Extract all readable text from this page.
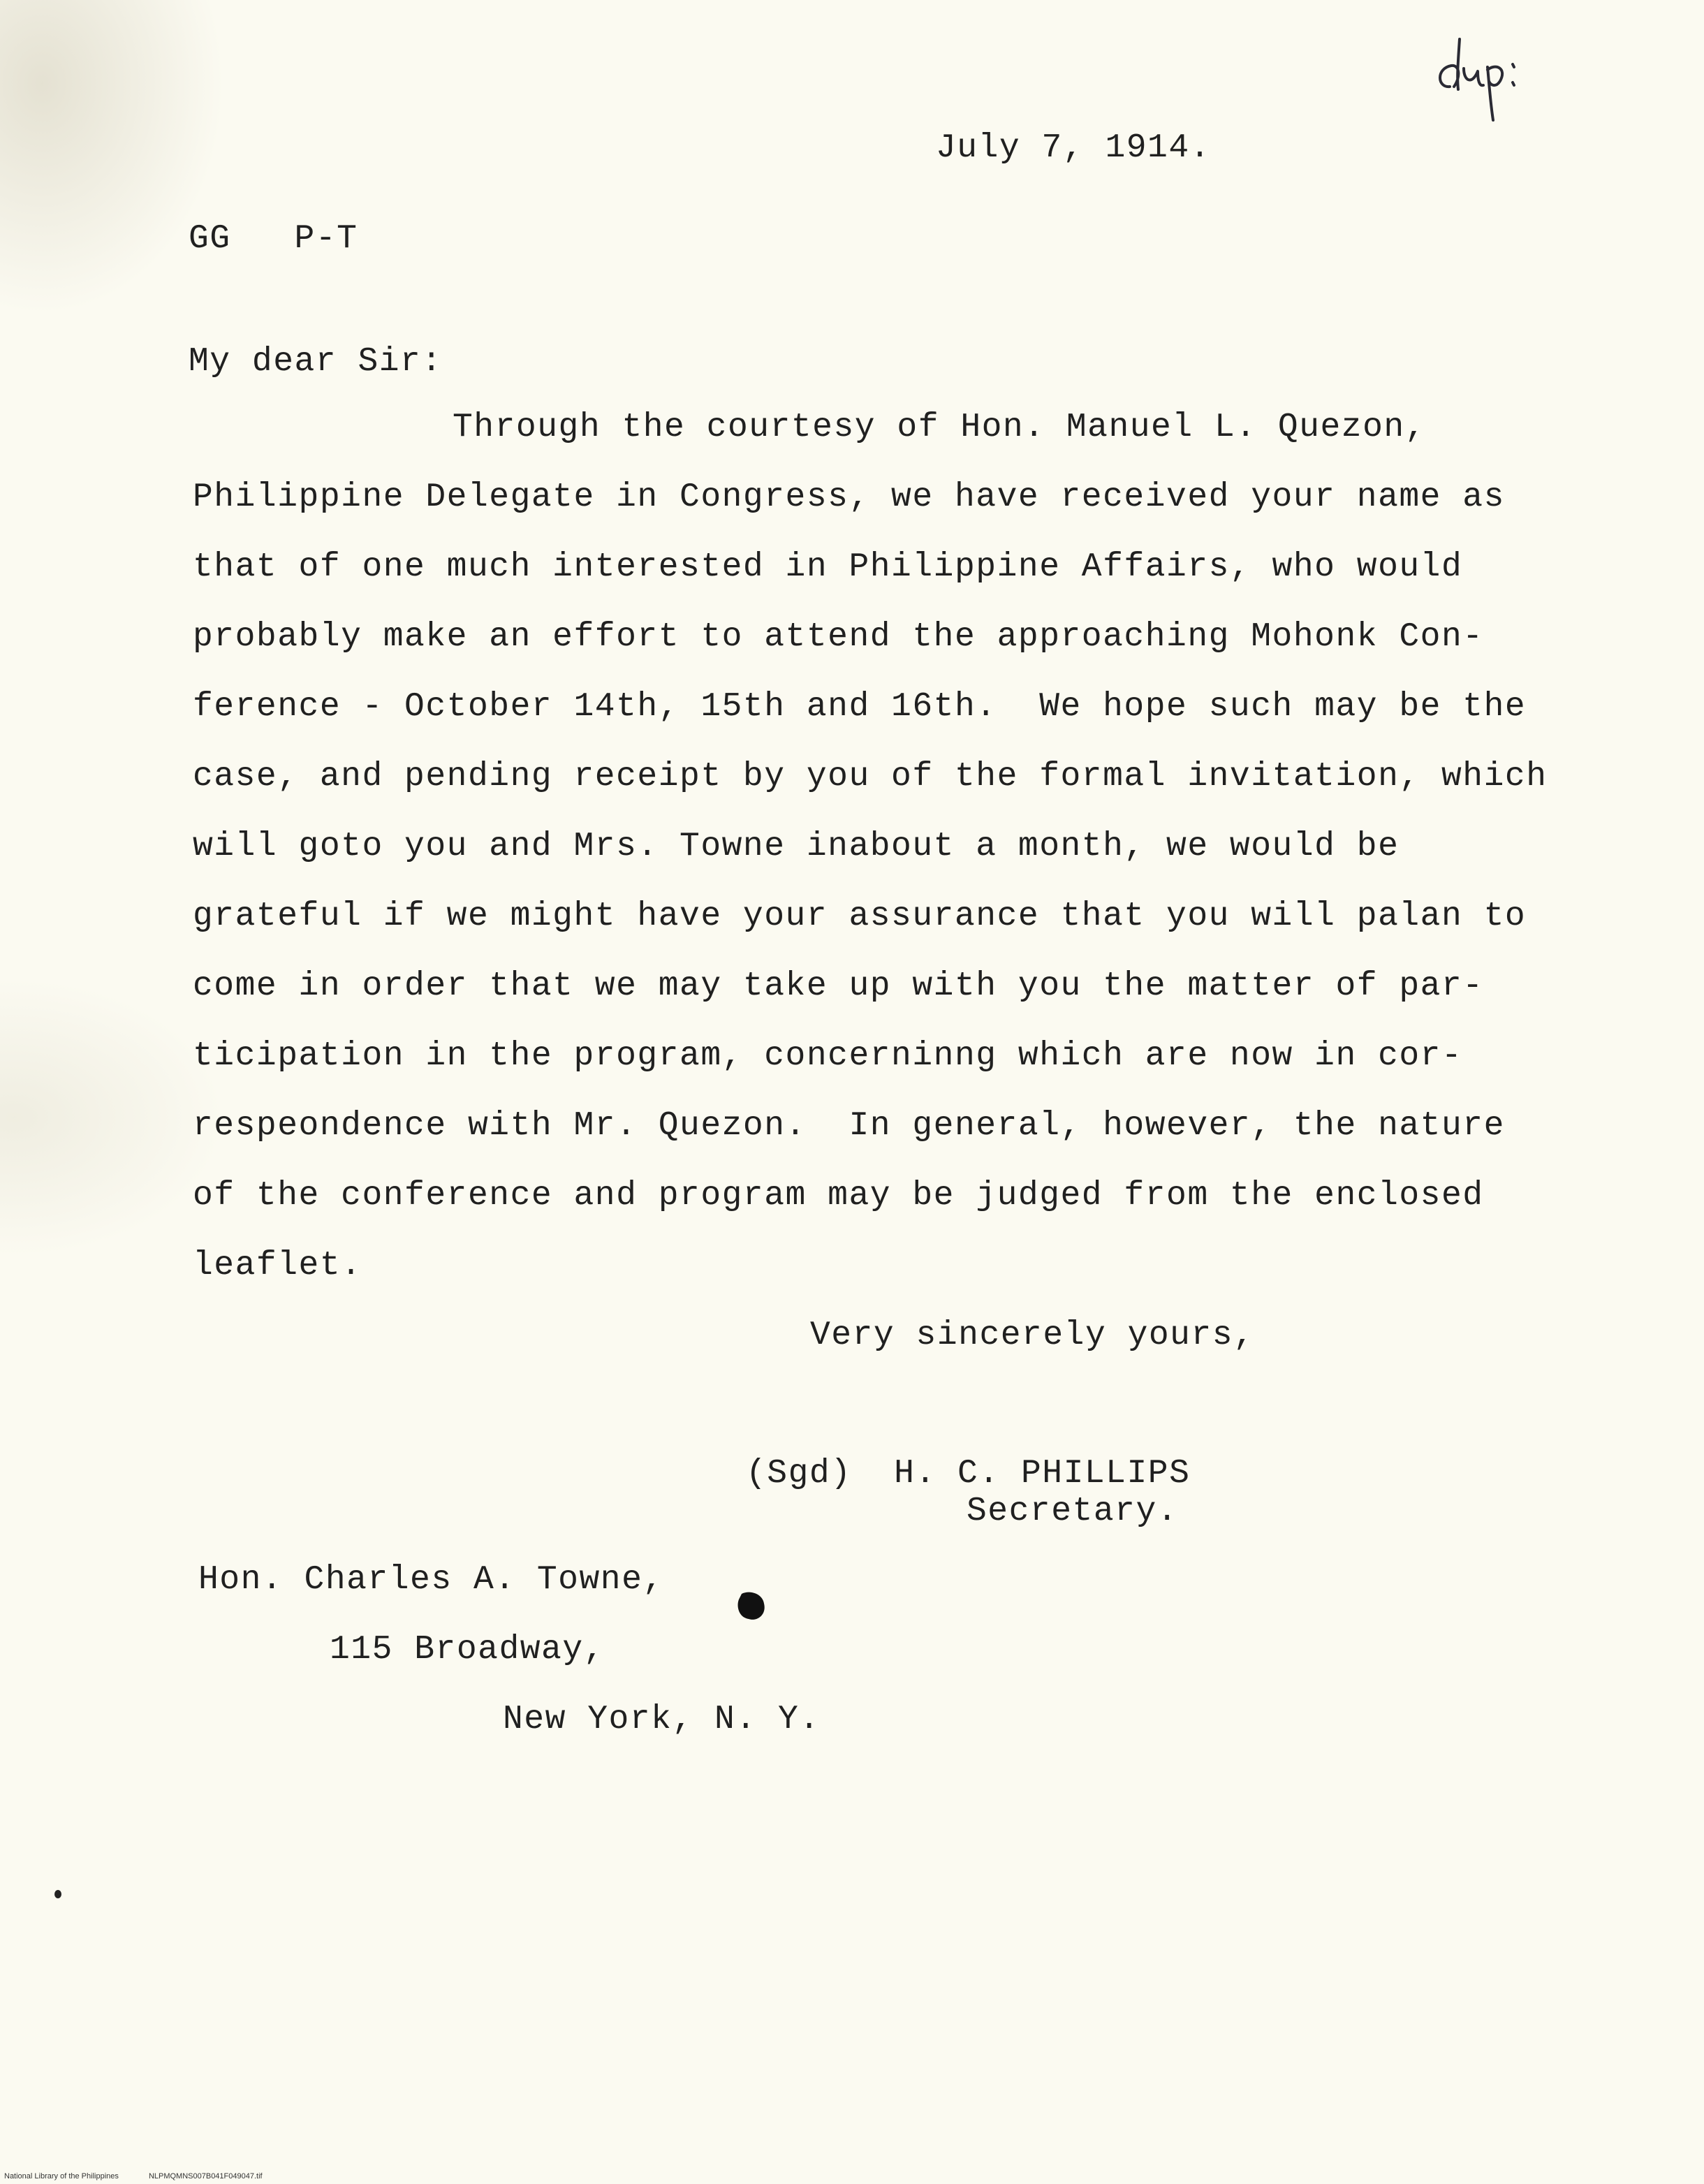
July 7, 1914.
GG   P-T
My dear Sir:
Through the courtesy of Hon. Manuel L. Quezon,
Philippine Delegate in Congress, we have received your name as
that of one much interested in Philippine Affairs, who would
probably make an effort to attend the approaching Mohonk Con-
ference - October 14th, 15th and 16th.  We hope such may be the
case, and pending receipt by you of the formal invitation, which
will goto you and Mrs. Towne inabout a month, we would be
grateful if we might have your assurance that you will palan to
come in order that we may take up with you the matter of par-
ticipation in the program, concerninng which are now in cor-
respeondence with Mr. Quezon.  In general, however, the nature
of the conference and program may be judged from the enclosed
leaflet.
Very sincerely yours,
(Sgd)  H. C. PHILLIPS
Secretary.
Hon. Charles A. Towne,
115 Broadway,
New York, N. Y.
National Library of the Philippines	NLPMQMNS007B041F049047.tif
